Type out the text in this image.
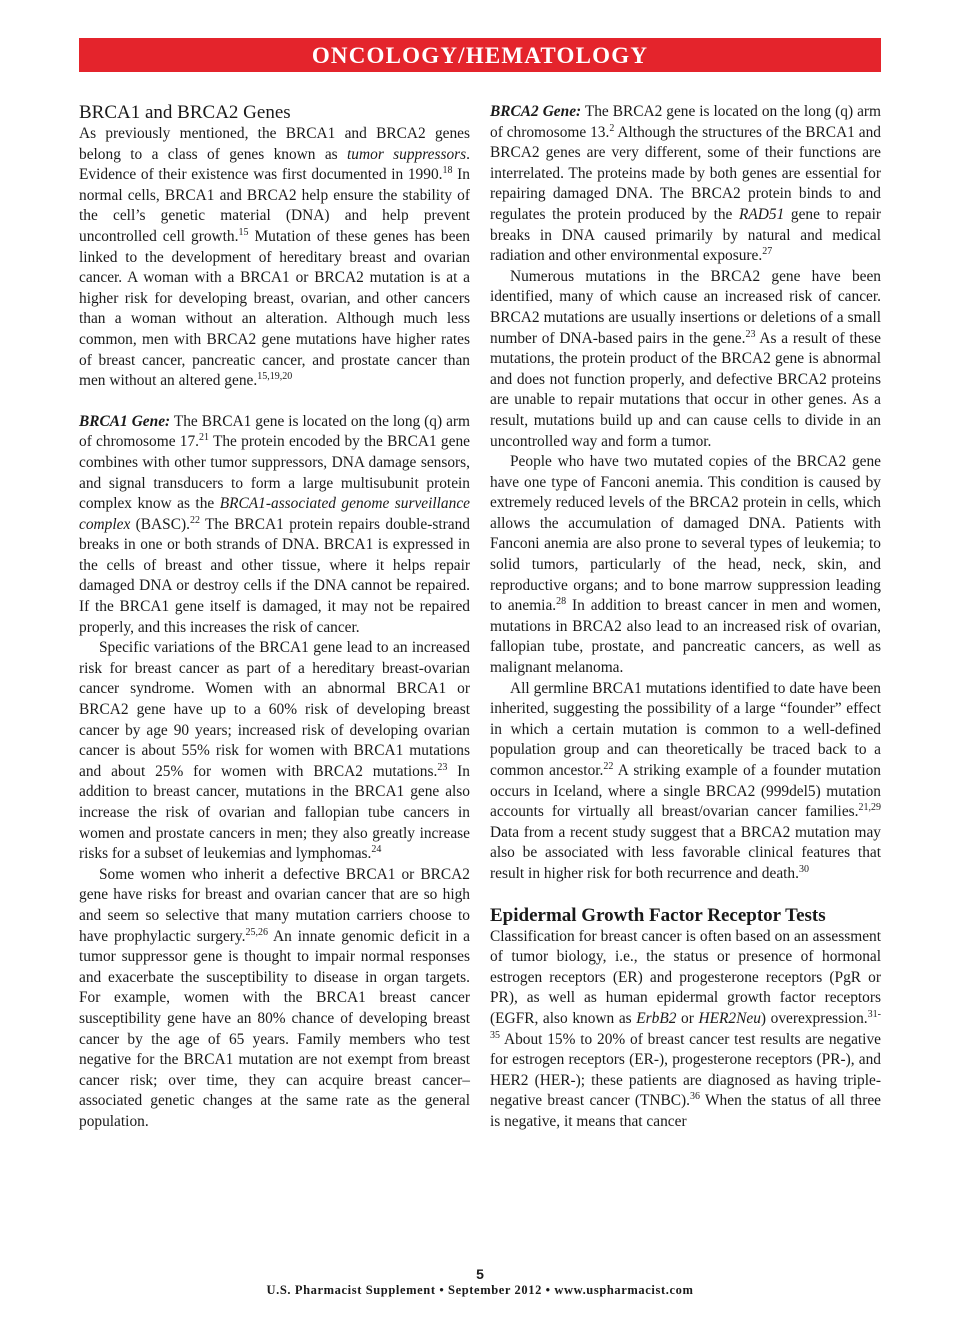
ONCOLOGY/HEMATOLOGY
BRCA1 and BRCA2 Genes

As previously mentioned, the BRCA1 and BRCA2 genes belong to a class of genes known as tumor suppressors. Evidence of their existence was first documented in 1990.18 In normal cells, BRCA1 and BRCA2 help ensure the stability of the cell’s genetic material (DNA) and help prevent uncontrolled cell growth.$^{15}$ Mutation of these genes has been linked to the development of hereditary breast and ovarian cancer. A woman with a BRCA1 or BRCA2 mutation is at a higher risk for developing breast, ovarian, and other cancers than a woman without an alteration. Although much less common, men with BRCA2 gene mutations have higher rates of breast cancer, pancreatic cancer, and prostate cancer than men without an altered gene.$^{15,19,20}$

BRCA1 Gene: The BRCA1 gene is located on the long (q) arm of chromosome 17.21 The protein encoded by the BRCA1 gene combines with other tumor suppressors, DNA damage sensors, and signal transducers to form a large multisubunit protein complex know as the BRCA1-associated genome surveillance complex (BASC).$^{22}$ The BRCA1 protein repairs double-strand breaks in one or both strands of DNA. BRCA1 is expressed in the cells of breast and other tissue, where it helps repair damaged DNA or destroy cells if the DNA cannot be repaired. If the BRCA1 gene itself is damaged, it may not be repaired properly, and this increases the risk of cancer.

Specific variations of the BRCA1 gene lead to an increased risk for breast cancer as part of a hereditary breast-ovarian cancer syndrome. Women with an abnormal BRCA1 or BRCA2 gene have up to a 60% risk of developing breast cancer by age 90 years; increased risk of developing ovarian cancer is about 55% risk for women with BRCA1 mutations and about 25% for women with BRCA2 mutations.$^{23}$ In addition to breast cancer, mutations in the BRCA1 gene also increase the risk of ovarian and fallopian tube cancers in women and prostate cancers in men; they also greatly increase risks for a subset of leukemias and lymphomas.$^{24}$

Some women who inherit a defective BRCA1 or BRCA2 gene have risks for breast and ovarian cancer that are so high and seem so selective that many mutation carriers choose to have prophylactic surgery.$^{25,26}$ An innate genomic deficit in a tumor suppressor gene is thought to impair normal responses and exacerbate the susceptibility to disease in organ targets. For example, women with the BRCA1 breast cancer susceptibility gene have an 80% chance of developing breast cancer by the age of 65 years. Family members who test negative for the BRCA1 mutation are not exempt from breast cancer risk; over time, they can acquire breast cancer–associated genetic changes at the same rate as the general population.

BRCA2 Gene: The BRCA2 gene is located on the long (q) arm of chromosome 13.$^2$ Although the structures of the BRCA1 and BRCA2 genes are very different, some of their functions are interrelated. The proteins made by both genes are essential for repairing damaged DNA. The BRCA2 protein binds to and regulates the protein produced by the RAD51 gene to repair breaks in DNA caused primarily by natural and medical radiation and other environmental exposure.$^{27}$

Numerous mutations in the BRCA2 gene have been identified, many of which cause an increased risk of cancer. BRCA2 mutations are usually insertions or deletions of a small number of DNA-based pairs in the gene.$^{23}$ As a result of these mutations, the protein product of the BRCA2 gene is abnormal and does not function properly, and defective BRCA2 proteins are unable to repair mutations that occur in other genes. As a result, mutations build up and can cause cells to divide in an uncontrolled way and form a tumor.

People who have two mutated copies of the BRCA2 gene have one type of Fanconi anemia. This condition is caused by extremely reduced levels of the BRCA2 protein in cells, which allows the accumulation of damaged DNA. Patients with Fanconi anemia are also prone to several types of leukemia; to solid tumors, particularly of the head, neck, skin, and reproductive organs; and to bone marrow suppression leading to anemia.$^{28}$ In addition to breast cancer in men and women, mutations in BRCA2 also lead to an increased risk of ovarian, fallopian tube, prostate, and pancreatic cancers, as well as malignant melanoma.

All germline BRCA1 mutations identified to date have been inherited, suggesting the possibility of a large “founder” effect in which a certain mutation is common to a well-defined population group and can theoretically be traced back to a common ancestor.$^{22}$ A striking example of a founder mutation occurs in Iceland, where a single BRCA2 (999del5) mutation accounts for virtually all breast/ovarian cancer families.$^{21,29}$ Data from a recent study suggest that a BRCA2 mutation may also be associated with less favorable clinical features that result in higher risk for both recurrence and death.$^{30}$

Epidermal Growth Factor Receptor Tests

Classification for breast cancer is often based on an assessment of tumor biology, i.e., the status or presence of hormonal estrogen receptors (ER) and progesterone receptors (PgR or PR), as well as human epidermal growth factor receptors (EGFR, also known as ErbB2 or HER2Neu) overexpression.$^{31-35}$ About 15% to 20% of breast cancer test results are negative for estrogen receptors (ER-), progesterone receptors (PR-), and HER2 (HER-); these patients are diagnosed as having triple-negative breast cancer (TNBC).$^{36}$ When the status of all three is negative, it means that cancer

5
U.S. Pharmacist Supplement • September 2012 • www.uspharmacist.com
